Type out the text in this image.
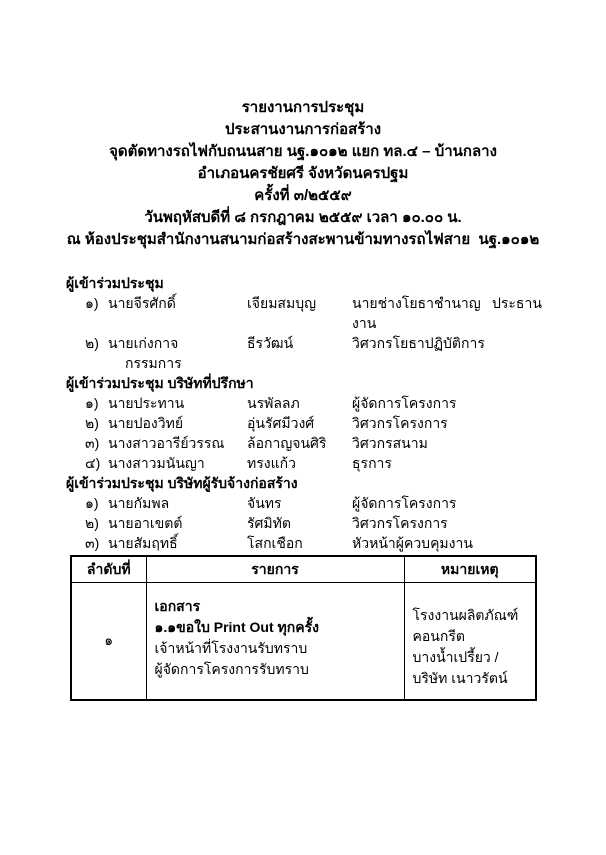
รายงานการประชุม
ประสานงานการก่อสร้าง
จุดตัดทางรถไฟกับถนนสาย นฐ.๑๐๑๒ แยก ทล.๔ – บ้านกลาง
อำเภอนครชัยศรี จังหวัดนครปฐม
ครั้งที่ ๓/๒๕๕๙
วันพฤหัสบดีที่ ๘ กรกฎาคม ๒๕๕๙ เวลา ๑๐.๐๐ น.
ณ ห้องประชุมสำนักงานสนามก่อสร้างสะพานข้ามทางรถไฟสาย  นฐ.๑๐๑๒
ผู้เข้าร่วมประชุม
๑) นายจีรศักดิ์	เจียมสมบุญ	นายช่างโยธาชำนาญงาน
ประธาน
๒) นายเก่งกาจ	ธีรวัฒน์	วิศวกรโยธาปฏิบัติการ
กรรมการ
ผู้เข้าร่วมประชุม บริษัทที่ปรึกษา
๑) นายประทาน	นรพัลลภ	ผู้จัดการโครงการ
๒) นายปองวิทย์	อุ่นรัศมีวงศ์	วิศวกรโครงการ
๓) นางสาวอารีย์วรรณ	ล้อกาญจนศิริ	วิศวกรสนาม
๔) นางสาวมนันญา	ทรงแก้ว	ธุรการ
ผู้เข้าร่วมประชุม บริษัทผู้รับจ้างก่อสร้าง
๑) นายกัมพล	จันทร	ผู้จัดการโครงการ
๒) นายอาเขตต์	รัศมิทัต	วิศวกรโครงการ
๓) นายสัมฤทธิ์	โสกเชือก	หัวหน้าผู้ควบคุมงาน
ลำดับที่	รายการ	หมายเหตุ
๑	เอกสาร
๑.๑ขอใบ Print Out ทุกครั้ง
เจ้าหน้าที่โรงงานรับทราบ
ผู้จัดการโครงการรับทราบ	โรงงานผลิตภัณฑ์ คอนกรีต บางน้ำเปรี้ยว / บริษัท เนาวรัตน์
